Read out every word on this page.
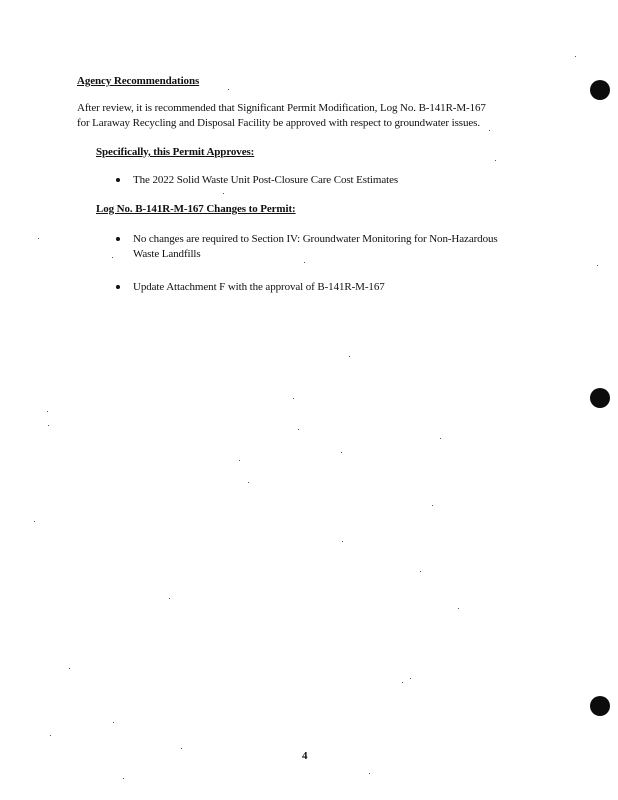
Agency Recommendations
After review, it is recommended that Significant Permit Modification, Log No. B-141R-M-167
for Laraway Recycling and Disposal Facility be approved with respect to groundwater issues.
Specifically, this Permit Approves:
The 2022 Solid Waste Unit Post-Closure Care Cost Estimates
Log No. B-141R-M-167 Changes to Permit:
No changes are required to Section IV: Groundwater Monitoring for Non-Hazardous
Waste Landfills
Update Attachment F with the approval of B-141R-M-167
4
